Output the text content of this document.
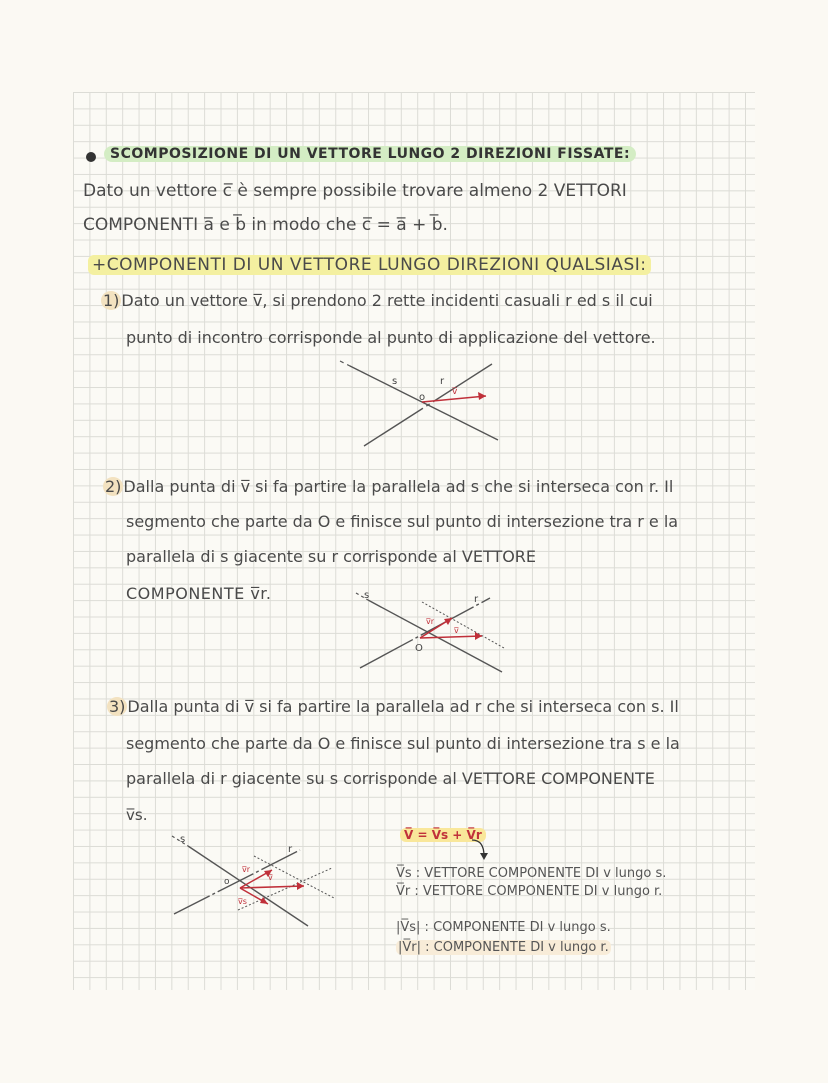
SCOMPOSIZIONE DI UN VETTORE LUNGO 2 DIREZIONI FISSATE:
Dato un vettore c̅ è sempre possibile trovare almeno 2 VETTORI
COMPONENTI a̅ e b̅ in modo che c̅ = a̅ + b̅.
+COMPONENTI DI UN VETTORE LUNGO DIREZIONI QUALSIASI:
1) Dato un vettore v̅, si prendono 2 rette incidenti casuali r ed s il cui
punto di incontro corrisponde al punto di applicazione del vettore.
s	r
o	v̅
2) Dalla punta di v̅ si fa partire la parallela ad s che si interseca con r. Il
segmento che parte da O e finisce sul punto di intersezione tra r e la
parallela di s giacente su r corrisponde al VETTORE
COMPONENTE v̅r.	s	r
O
v̅r
v̅
3) Dalla punta di v̅ si fa partire la parallela ad r che si interseca con s. Il
segmento che parte da O e finisce sul punto di intersezione tra s e la
parallela di r giacente su s corrisponde al VETTORE COMPONENTE
v̅s.
s
r
o
v̅r
v̅
v̅s
V̅ = V̅s + V̅r
V̅s : VETTORE COMPONENTE DI v lungo s.
V̅r : VETTORE COMPONENTE DI v lungo r.
|V̅s| : COMPONENTE DI v lungo s.
|V̅r| : COMPONENTE DI v lungo r.
